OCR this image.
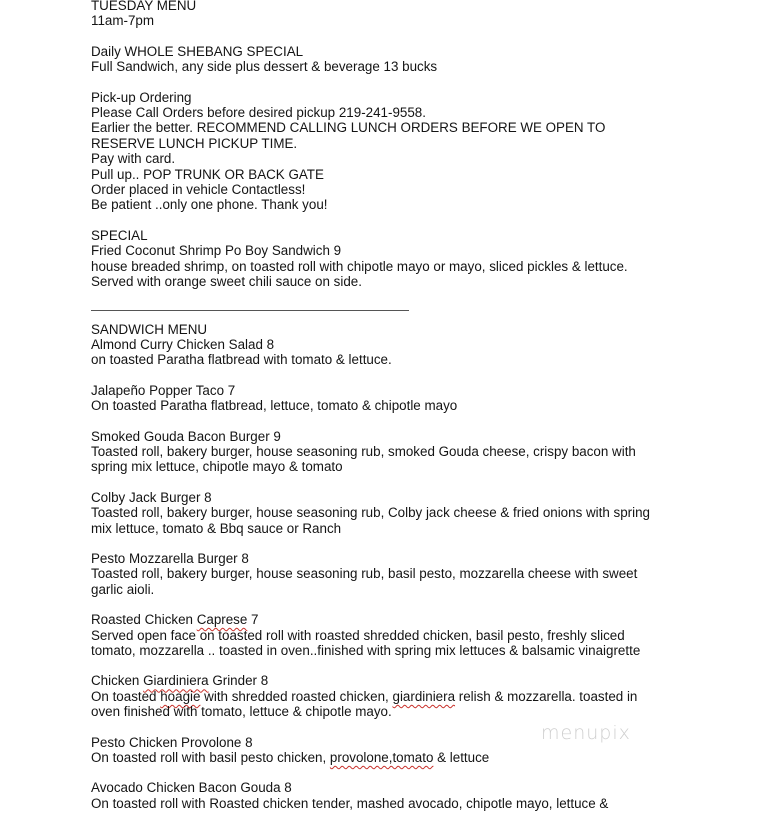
TUESDAY MENU
11am-7pm
Daily WHOLE SHEBANG SPECIAL
Full Sandwich, any side plus dessert & beverage 13 bucks
Pick-up Ordering
Please Call Orders before desired pickup 219-241-9558.
Earlier the better. RECOMMEND CALLING LUNCH ORDERS BEFORE WE OPEN TO
RESERVE LUNCH PICKUP TIME.
Pay with card.
Pull up.. POP TRUNK OR BACK GATE
Order placed in vehicle Contactless!
Be patient ..only one phone. Thank you!
SPECIAL
Fried Coconut Shrimp Po Boy Sandwich 9
house breaded shrimp, on toasted roll with chipotle mayo or mayo, sliced pickles & lettuce.
Served with orange sweet chili sauce on side.
SANDWICH MENU
Almond Curry Chicken Salad 8
on toasted Paratha flatbread with tomato & lettuce.
Jalapeño Popper Taco 7
On toasted Paratha flatbread, lettuce, tomato & chipotle mayo
Smoked Gouda Bacon Burger 9
Toasted roll, bakery burger, house seasoning rub, smoked Gouda cheese, crispy bacon with
spring mix lettuce, chipotle mayo & tomato
Colby Jack Burger 8
Toasted roll, bakery burger, house seasoning rub, Colby jack cheese & fried onions with spring
mix lettuce, tomato & Bbq sauce or Ranch
Pesto Mozzarella Burger 8
Toasted roll, bakery burger, house seasoning rub, basil pesto, mozzarella cheese with sweet
garlic aioli.
Roasted Chicken Caprese 7
Served open face on toasted roll with roasted shredded chicken, basil pesto, freshly sliced
tomato, mozzarella .. toasted in oven..finished with spring mix lettuces & balsamic vinaigrette
Chicken Giardiniera Grinder 8
On toasted hoagie with shredded roasted chicken, giardiniera relish & mozzarella. toasted in
oven finished with tomato, lettuce & chipotle mayo.
Pesto Chicken Provolone 8
On toasted roll with basil pesto chicken, provolone,tomato & lettuce
Avocado Chicken Bacon Gouda 8
On toasted roll with Roasted chicken tender, mashed avocado, chipotle mayo, lettuce &
menupix
